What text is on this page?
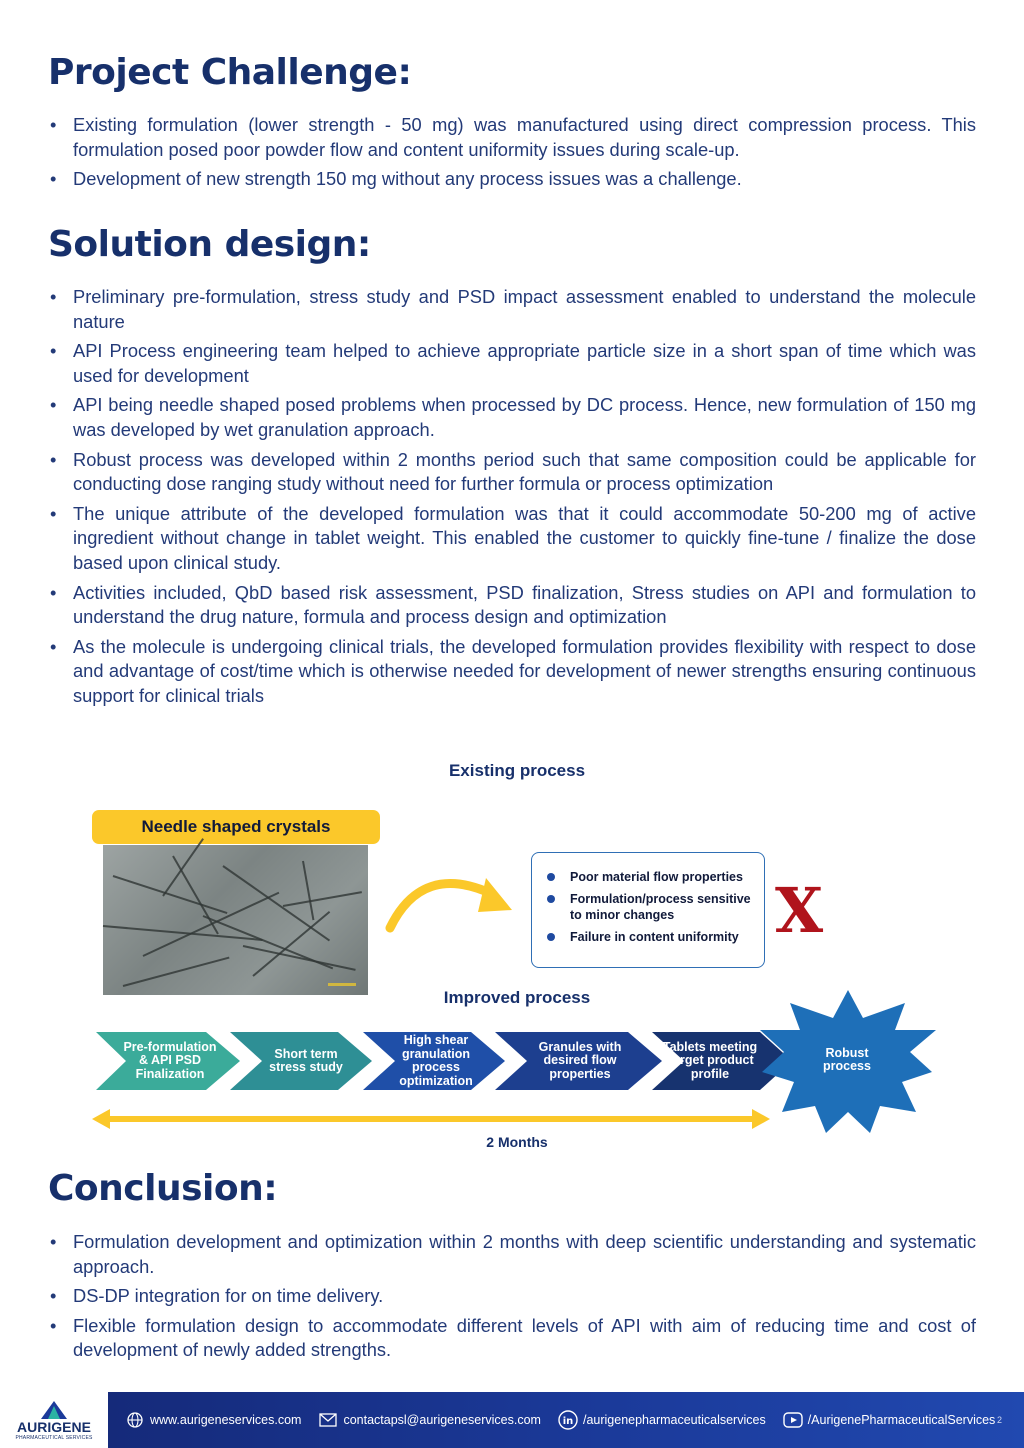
Project Challenge:
• Existing formulation (lower strength - 50 mg) was manufactured using direct compression process. This formulation posed poor powder flow and content uniformity issues during scale-up.
• Development of new strength 150 mg without any process issues was a challenge.
Solution design:
• Preliminary pre-formulation, stress study and PSD impact assessment enabled to understand the molecule nature
• API Process engineering team helped to achieve appropriate particle size in a short span of time which was used for development
• API being needle shaped posed problems when processed by DC process. Hence, new formulation of 150 mg was developed by wet granulation approach.
• Robust process was developed within 2 months period such that same composition could be applicable for conducting dose ranging study without need for further formula or process optimization
• The unique attribute of the developed formulation was that it could accommodate 50-200 mg of active ingredient without change in tablet weight. This enabled the customer to quickly fine-tune / finalize the dose based upon clinical study.
• Activities included, QbD based risk assessment, PSD finalization, Stress studies on API and formulation to understand the drug nature, formula and process design and optimization
• As the molecule is undergoing clinical trials, the developed formulation provides flexibility with respect to dose and advantage of cost/time which is otherwise needed for development of newer strengths ensuring continuous support for clinical trials
Existing process
Needle shaped crystals
Poor material flow properties
Formulation/process sensitive to minor changes
Failure in content uniformity X
Improved process
Pre-formulation & API PSD Finalization
Short term stress study
High shear granulation process optimization
Granules with desired flow properties
Tablets meeting Target product profile
Robust process
2 Months
Conclusion:
• Formulation development and optimization within 2 months with deep scientific understanding and systematic approach.
• DS-DP integration for on time delivery.
• Flexible formulation design to accommodate different levels of API with aim of reducing time and cost of development of newly added strengths.
AURIGENE
PHARMACEUTICAL SERVICES
www.aurigeneservices.com	contactapsl@aurigeneservices.com in /aurigenepharmaceuticalservices	/AurigenePharmaceuticalServices 2
